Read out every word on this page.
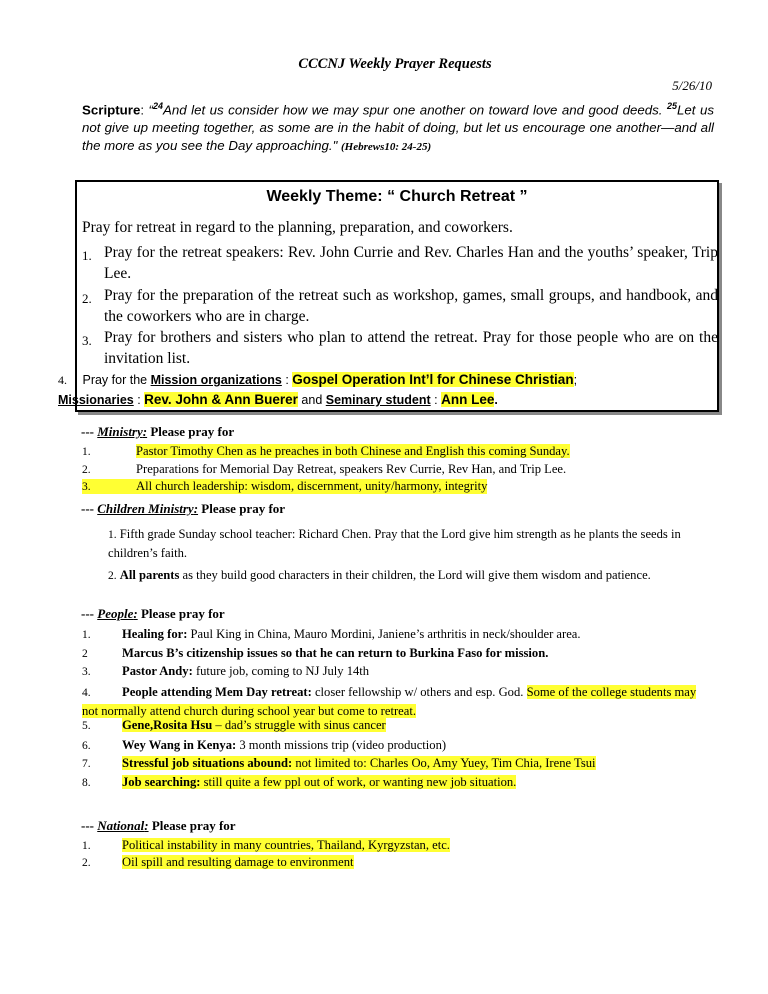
CCCNJ Weekly Prayer Requests
5/26/10
Scripture: “$^{24}$And let us consider how we may spur one another on toward love and good deeds. $^{25}$Let us not give up meeting together, as some are in the habit of doing, but let us encourage one another—and all the more as you see the Day approaching." (Hebrews10: 24-25)
Weekly Theme: “ Church Retreat ”
Pray for retreat in regard to the planning, preparation, and coworkers.
1. Pray for the retreat speakers: Rev. John Currie and Rev. Charles Han and the youths’ speaker, Trip Lee.
2. Pray for the preparation of the retreat such as workshop, games, small groups, and handbook, and the coworkers who are in charge.
3. Pray for brothers and sisters who plan to attend the retreat. Pray for those people who are on the invitation list.
4. Pray for the Mission organizations : Gospel Operation Int’l for Chinese Christian;
Missionaries : Rev. John & Ann Buerer and Seminary student : Ann Lee.
--- Ministry: Please pray for
1.	Pastor Timothy Chen as he preaches in both Chinese and English this coming Sunday.
2.	Preparations for Memorial Day Retreat, speakers Rev Currie, Rev Han, and Trip Lee.
3.	All church leadership: wisdom, discernment, unity/harmony, integrity
--- Children Ministry: Please pray for
1. Fifth grade Sunday school teacher: Richard Chen. Pray that the Lord give him strength as he plants the seeds in children’s faith.
2. All parents as they build good characters in their children, the Lord will give them wisdom and patience.
--- People: Please pray for
1. Healing for: Paul King in China, Mauro Mordini, Janiene’s arthritis in neck/shoulder area.
2	Marcus B’s citizenship issues so that he can return to Burkina Faso for mission.
3. Pastor Andy: future job, coming to NJ July 14th
4. People attending Mem Day retreat: closer fellowship w/ others and esp. God. Some of the college students may not normally attend church during school year but come to retreat.
5. Gene,Rosita Hsu – dad’s struggle with sinus cancer
6. Wey Wang in Kenya: 3 month missions trip (video production)
7. Stressful job situations abound: not limited to: Charles Oo, Amy Yuey, Tim Chia, Irene Tsui
8. Job searching: still quite a few ppl out of work, or wanting new job situation.
--- National: Please pray for
1. Political instability in many countries, Thailand, Kyrgyzstan, etc.
2. Oil spill and resulting damage to environment
